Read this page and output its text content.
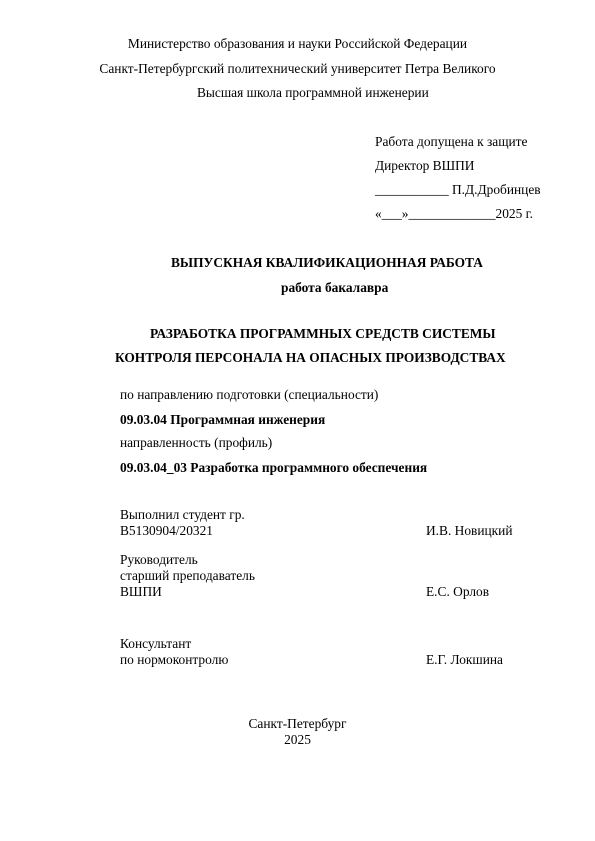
Министерство образования и науки Российской Федерации
Санкт-Петербургский политехнический университет Петра Великого
Высшая школа программной инженерии
Работа допущена к защите
Директор ВШПИ
___________ П.Д.Дробинцев
«___»_____________2025 г.
ВЫПУСКНАЯ КВАЛИФИКАЦИОННАЯ РАБОТА
работа бакалавра
РАЗРАБОТКА ПРОГРАММНЫХ СРЕДСТВ СИСТЕМЫ
КОНТРОЛЯ ПЕРСОНАЛА НА ОПАСНЫХ ПРОИЗВОДСТВАХ
по направлению подготовки (специальности)
09.03.04 Программная инженерия
направленность (профиль)
09.03.04_03 Разработка программного обеспечения
Выполнил студент гр.
В5130904/20321	И.В. Новицкий
Руководитель
старший преподаватель
ВШПИ	Е.С. Орлов
Консультант
по нормоконтролю	Е.Г. Локшина
Санкт-Петербург
2025
